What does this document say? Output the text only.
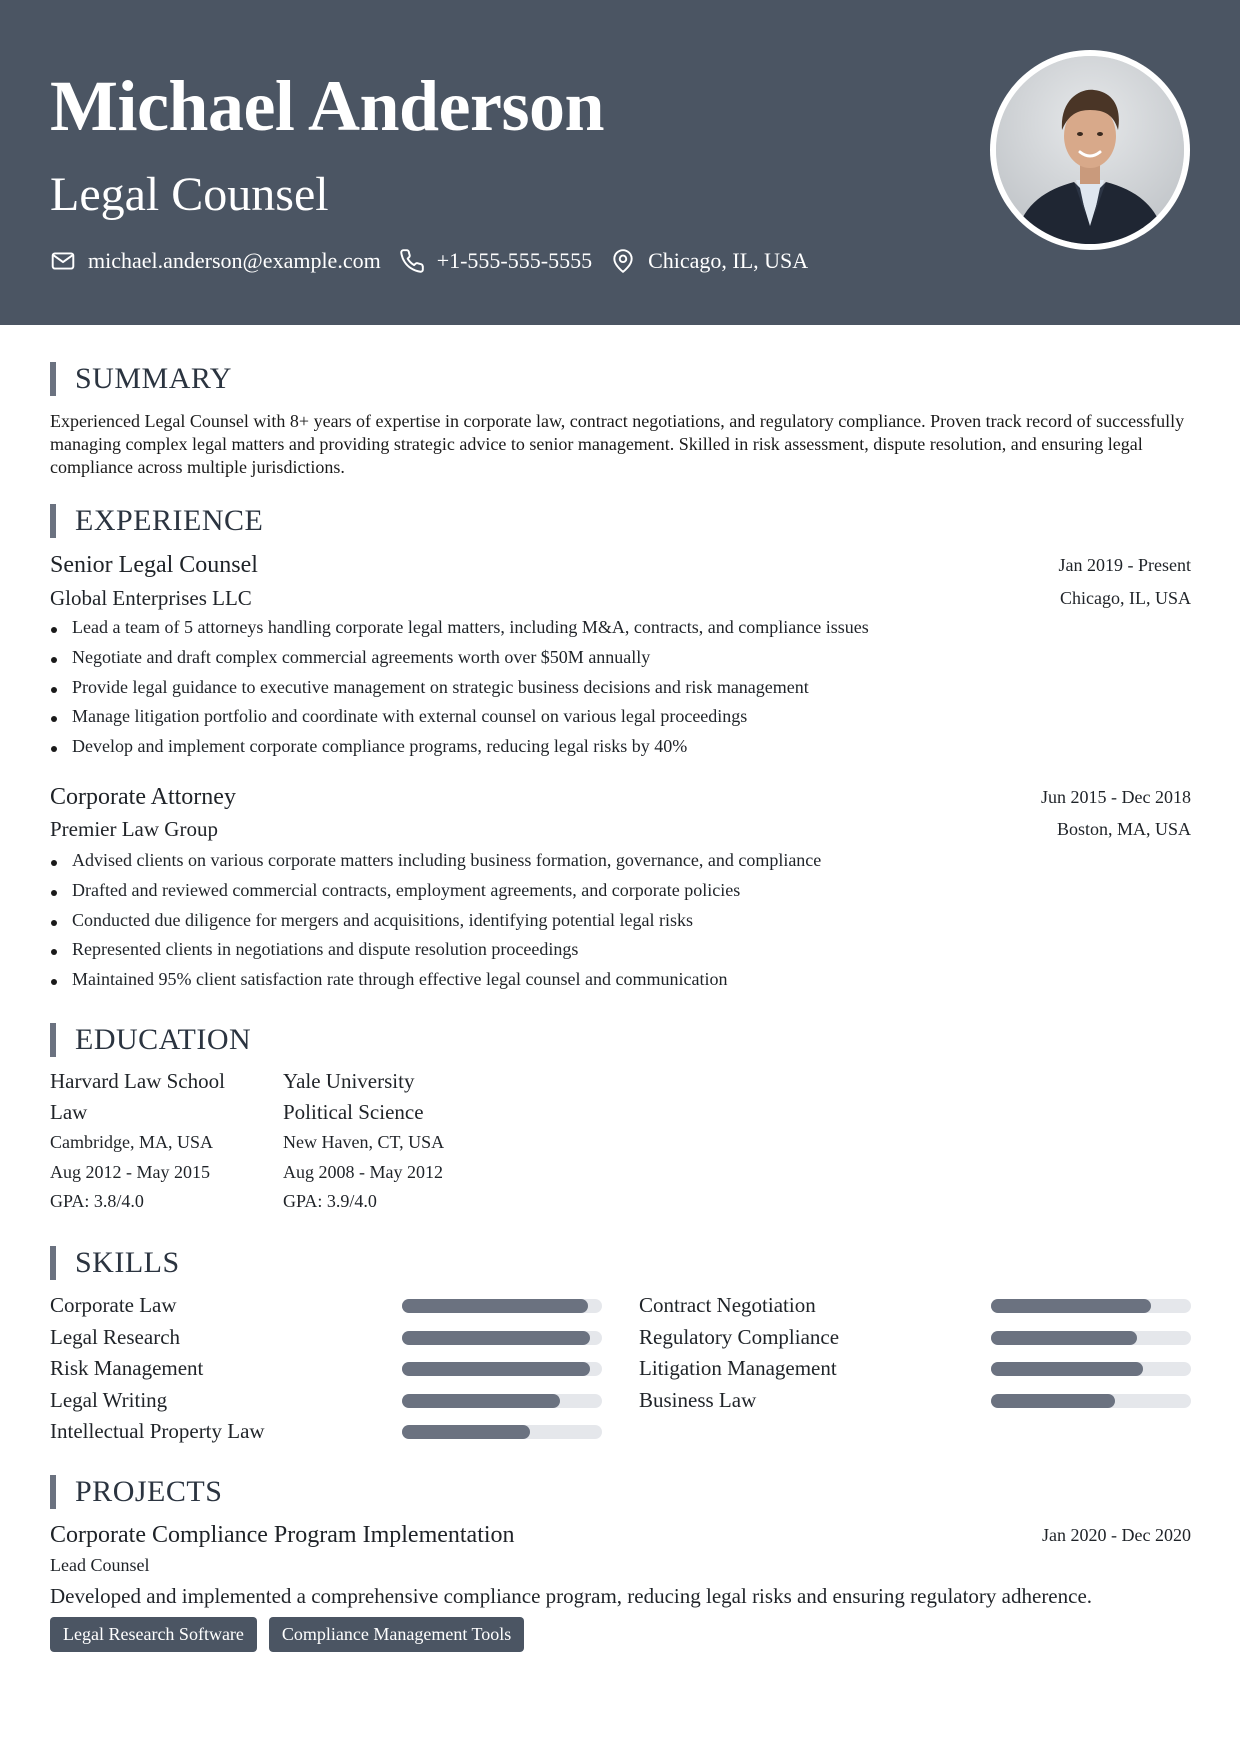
Michael Anderson
Legal Counsel
michael.anderson@example.com	+1-555-555-5555	Chicago, IL, USA
SUMMARY
Experienced Legal Counsel with 8+ years of expertise in corporate law, contract negotiations, and regulatory compliance. Proven track record of successfully managing complex legal matters and providing strategic advice to senior management. Skilled in risk assessment, dispute resolution, and ensuring legal compliance across multiple jurisdictions.
EXPERIENCE
Senior Legal Counsel	Jan 2019 - Present
Global Enterprises LLC	Chicago, IL, USA
Lead a team of 5 attorneys handling corporate legal matters, including M&A, contracts, and compliance issues
Negotiate and draft complex commercial agreements worth over $50M annually
Provide legal guidance to executive management on strategic business decisions and risk management
Manage litigation portfolio and coordinate with external counsel on various legal proceedings
Develop and implement corporate compliance programs, reducing legal risks by 40%
Corporate Attorney	Jun 2015 - Dec 2018
Premier Law Group	Boston, MA, USA
Advised clients on various corporate matters including business formation, governance, and compliance
Drafted and reviewed commercial contracts, employment agreements, and corporate policies
Conducted due diligence for mergers and acquisitions, identifying potential legal risks
Represented clients in negotiations and dispute resolution proceedings
Maintained 95% client satisfaction rate through effective legal counsel and communication
EDUCATION
Harvard Law School
Law
Cambridge, MA, USA
Aug 2012 - May 2015
GPA: 3.8/4.0
Yale University
Political Science
New Haven, CT, USA
Aug 2008 - May 2012
GPA: 3.9/4.0
SKILLS
Corporate Law
Legal Research
Risk Management
Legal Writing
Intellectual Property Law
Contract Negotiation
Regulatory Compliance
Litigation Management
Business Law
PROJECTS
Corporate Compliance Program Implementation	Jan 2020 - Dec 2020
Lead Counsel
Developed and implemented a comprehensive compliance program, reducing legal risks and ensuring regulatory adherence.
Legal Research Software	Compliance Management Tools
